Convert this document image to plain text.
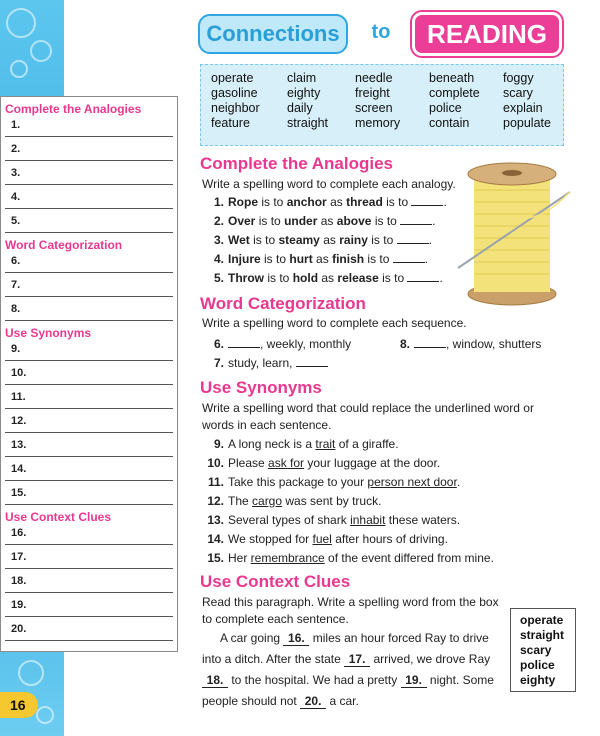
Complete the Analogies
1.
2.
3.
4.
5.
Word Categorization
6.
7.
8.
Use Synonyms
9.
10.
11.
12.
13.
14.
15.
Use Context Clues
16.
17.
18.
19.
20.
16
Connections	to	READING
operate	claim	needle	beneath	foggy
gasoline	eighty	freight	complete	scary
neighbor	daily	screen	police	explain
feature	straight	memory	contain	populate
Complete the Analogies
Write a spelling word to complete each analogy.
1. Rope is to anchor as thread is to	.
2. Over is to under as above is to	.
3. Wet is to steamy as rainy is to	.
4. Injure is to hurt as finish is to	.
5. Throw is to hold as release is to	.
Word Categorization
Write a spelling word to complete each sequence.
6.	, weekly, monthly	8.	, window, shutters
7. study, learn,
Use Synonyms
Write a spelling word that could replace the underlined word or words in each sentence.
9. A long neck is a trait of a giraffe.
10. Please ask for your luggage at the door.
11. Take this package to your person next door.
12. The cargo was sent by truck.
13. Several types of shark inhabit these waters.
14. We stopped for fuel after hours of driving.
15. Her remembrance of the event differed from mine.
Use Context Clues
Read this paragraph. Write a spelling word from the box to complete each sentence.
A car going 16. miles an hour forced Ray to drive into a ditch. After the state 17. arrived, we drove Ray 18. to the hospital. We had a pretty 19. night. Some people should not 20. a car.
operate
straight
scary
police
eighty
